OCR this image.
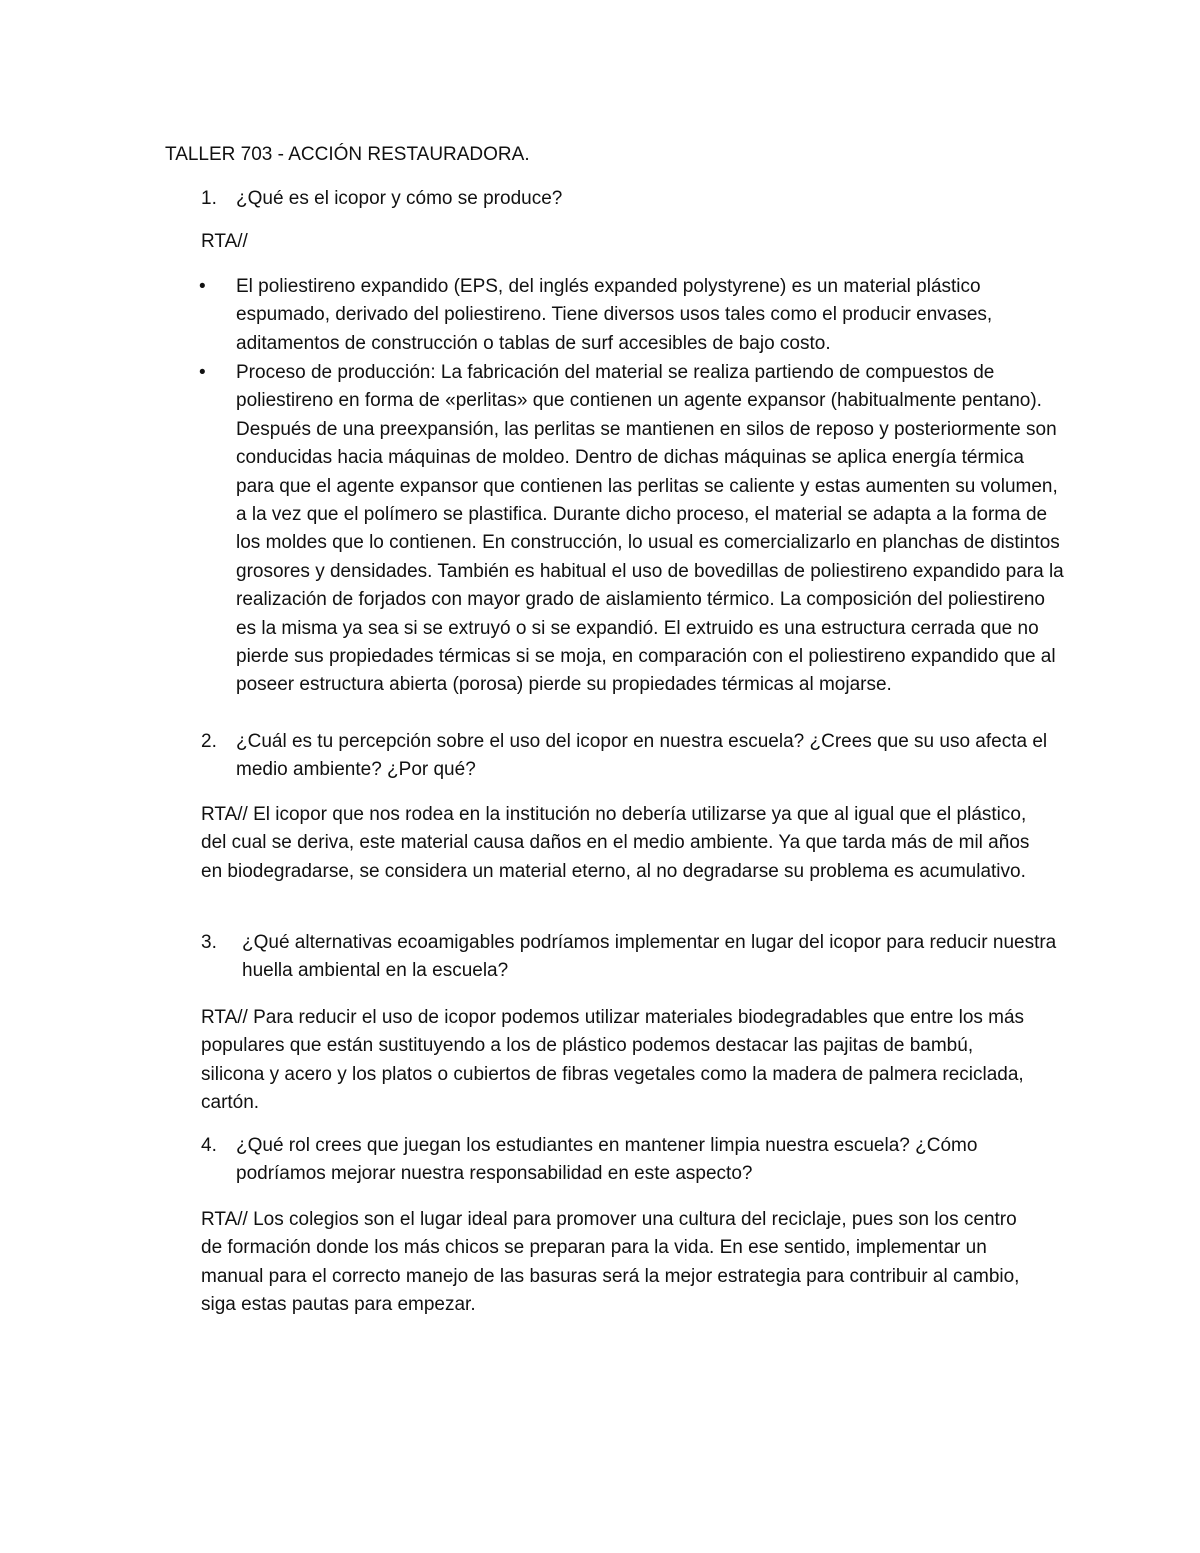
TALLER 703 - ACCIÓN RESTAURADORA.
1. ¿Qué es el icopor y cómo se produce?
RTA//
• El poliestireno expandido (EPS, del inglés expanded polystyrene) es un material plástico espumado, derivado del poliestireno. Tiene diversos usos tales como el producir envases, aditamentos de construcción o tablas de surf accesibles de bajo costo.
• Proceso de producción: La fabricación del material se realiza partiendo de compuestos de poliestireno en forma de «perlitas» que contienen un agente expansor (habitualmente pentano). Después de una preexpansión, las perlitas se mantienen en silos de reposo y posteriormente son conducidas hacia máquinas de moldeo. Dentro de dichas máquinas se aplica energía térmica para que el agente expansor que contienen las perlitas se caliente y estas aumenten su volumen, a la vez que el polímero se plastifica. Durante dicho proceso, el material se adapta a la forma de los moldes que lo contienen. En construcción, lo usual es comercializarlo en planchas de distintos grosores y densidades. También es habitual el uso de bovedillas de poliestireno expandido para la realización de forjados con mayor grado de aislamiento térmico. La composición del poliestireno es la misma ya sea si se extruyó o si se expandió. El extruido es una estructura cerrada que no pierde sus propiedades térmicas si se moja, en comparación con el poliestireno expandido que al poseer estructura abierta (porosa) pierde su propiedades térmicas al mojarse.
2. ¿Cuál es tu percepción sobre el uso del icopor en nuestra escuela? ¿Crees que su uso afecta el medio ambiente? ¿Por qué?
RTA// El icopor que nos rodea en la institución no debería utilizarse ya que al igual que el plástico, del cual se deriva, este material causa daños en el medio ambiente. Ya que tarda más de mil años en biodegradarse, se considera un material eterno, al no degradarse su problema es acumulativo.
3. ¿Qué alternativas ecoamigables podríamos implementar en lugar del icopor para reducir nuestra huella ambiental en la escuela?
RTA// Para reducir el uso de icopor podemos utilizar materiales biodegradables que entre los más populares que están sustituyendo a los de plástico podemos destacar las pajitas de bambú, silicona y acero y los platos o cubiertos de fibras vegetales como la madera de palmera reciclada, cartón.
4. ¿Qué rol crees que juegan los estudiantes en mantener limpia nuestra escuela? ¿Cómo podríamos mejorar nuestra responsabilidad en este aspecto?
RTA// Los colegios son el lugar ideal para promover una cultura del reciclaje, pues son los centro de formación donde los más chicos se preparan para la vida. En ese sentido, implementar un manual para el correcto manejo de las basuras será la mejor estrategia para contribuir al cambio, siga estas pautas para empezar.
